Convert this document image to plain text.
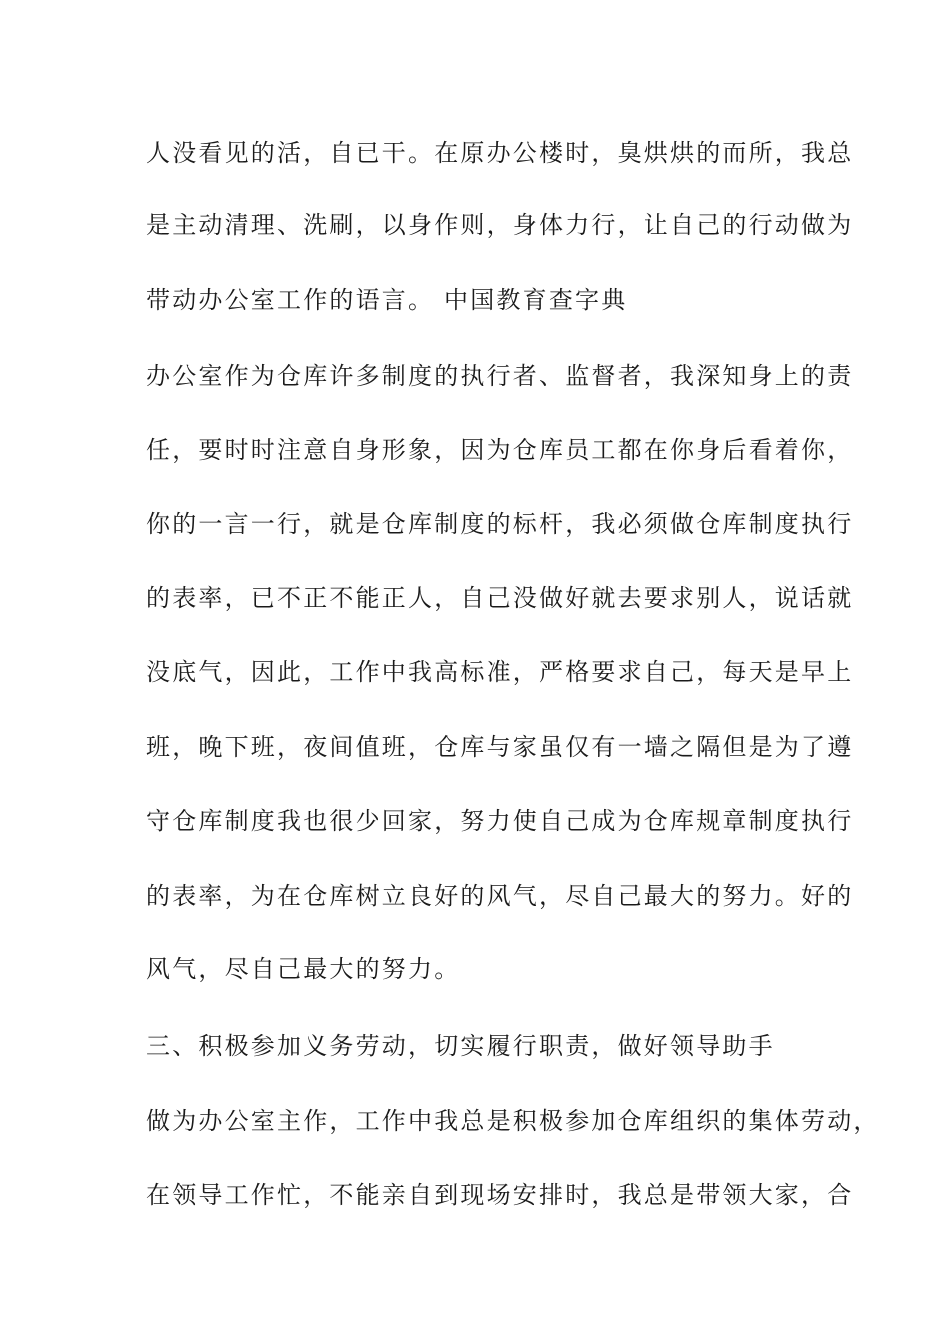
人没看见的活，自已干。在原办公楼时，臭烘烘的而所，我总
是主动清理、洗刷，以身作则，身体力行，让自己的行动做为
带动办公室工作的语言。 中国教育查字典
办公室作为仓库许多制度的执行者、监督者，我深知身上的责
任，要时时注意自身形象，因为仓库员工都在你身后看着你，
你的一言一行，就是仓库制度的标杆，我必须做仓库制度执行
的表率，已不正不能正人，自己没做好就去要求别人，说话就
没底气，因此，工作中我高标准，严格要求自己，每天是早上
班，晚下班，夜间值班，仓库与家虽仅有一墙之隔但是为了遵
守仓库制度我也很少回家，努力使自己成为仓库规章制度执行
的表率，为在仓库树立良好的风气，尽自己最大的努力。好的
风气，尽自己最大的努力。
三、积极参加义务劳动，切实履行职责，做好领导助手
做为办公室主作，工作中我总是积极参加仓库组织的集体劳动，
在领导工作忙，不能亲自到现场安排时，我总是带领大家，合
